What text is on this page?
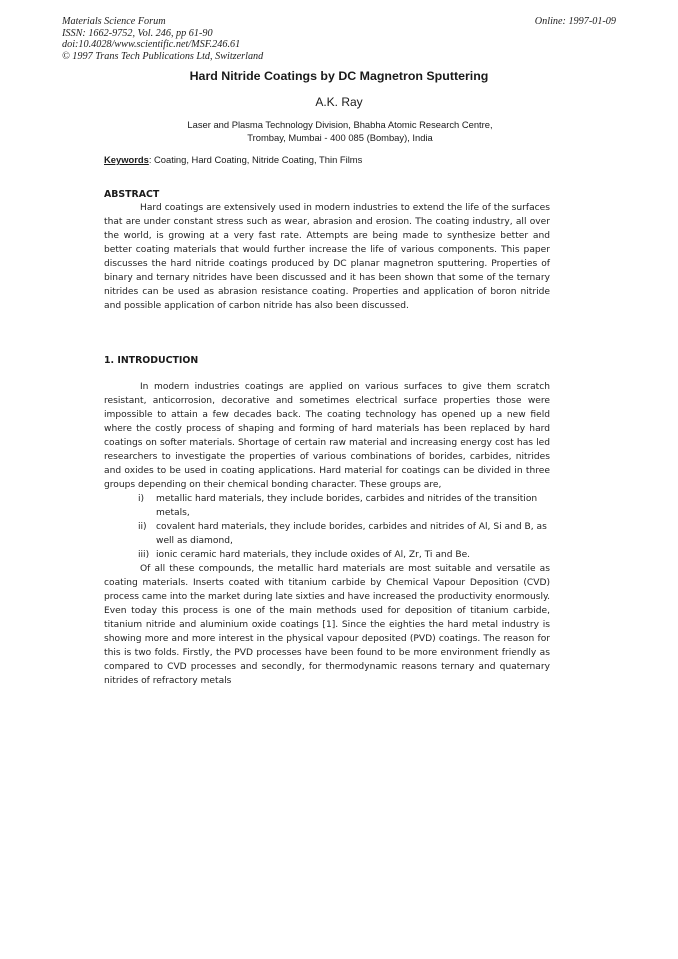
Materials Science Forum
ISSN: 1662-9752, Vol. 246, pp 61-90
doi:10.4028/www.scientific.net/MSF.246.61
© 1997 Trans Tech Publications Ltd, Switzerland
Online: 1997-01-09
Hard Nitride Coatings by DC Magnetron Sputtering
A.K. Ray
Laser and Plasma Technology Division, Bhabha Atomic Research Centre,
Trombay, Mumbai - 400 085 (Bombay), India
Keywords: Coating, Hard Coating, Nitride Coating, Thin Films
ABSTRACT

Hard coatings are extensively used in modern industries to extend the life of the surfaces that are under constant stress such as wear, abrasion and erosion. The coating industry, all over the world, is growing at a very fast rate. Attempts are being made to synthesize better and better coating materials that would further increase the life of various components. This paper discusses the hard nitride coatings produced by DC planar magnetron sputtering. Properties of binary and ternary nitrides have been discussed and it has been shown that some of the ternary nitrides can be used as abrasion resistance coating. Properties and application of boron nitride and possible application of carbon nitride has also been discussed.

1. INTRODUCTION

In modern industries coatings are applied on various surfaces to give them scratch resistant, anticorrosion, decorative and sometimes electrical surface properties those were impossible to attain a few decades back. The coating technology has opened up a new field where the costly process of shaping and forming of hard materials has been replaced by hard coatings on softer materials. Shortage of certain raw material and increasing energy cost has led researchers to investigate the properties of various combinations of borides, carbides, nitrides and oxides to be used in coating applications. Hard material for coatings can be divided in three groups depending on their chemical bonding character. These groups are,

i) metallic hard materials, they include borides, carbides and nitrides of the transition metals,
ii) covalent hard materials, they include borides, carbides and nitrides of Al, Si and B, as well as diamond,
iii) ionic ceramic hard materials, they include oxides of Al, Zr, Ti and Be.

Of all these compounds, the metallic hard materials are most suitable and versatile as coating materials. Inserts coated with titanium carbide by Chemical Vapour Deposition (CVD) process came into the market during late sixties and have increased the productivity enormously. Even today this process is one of the main methods used for deposition of titanium carbide, titanium nitride and aluminium oxide coatings [1]. Since the eighties the hard metal industry is showing more and more interest in the physical vapour deposited (PVD) coatings. The reason for this is two folds. Firstly, the PVD processes have been found to be more environment friendly as compared to CVD processes and secondly, for thermodynamic reasons ternary and quaternary nitrides of refractory metals
